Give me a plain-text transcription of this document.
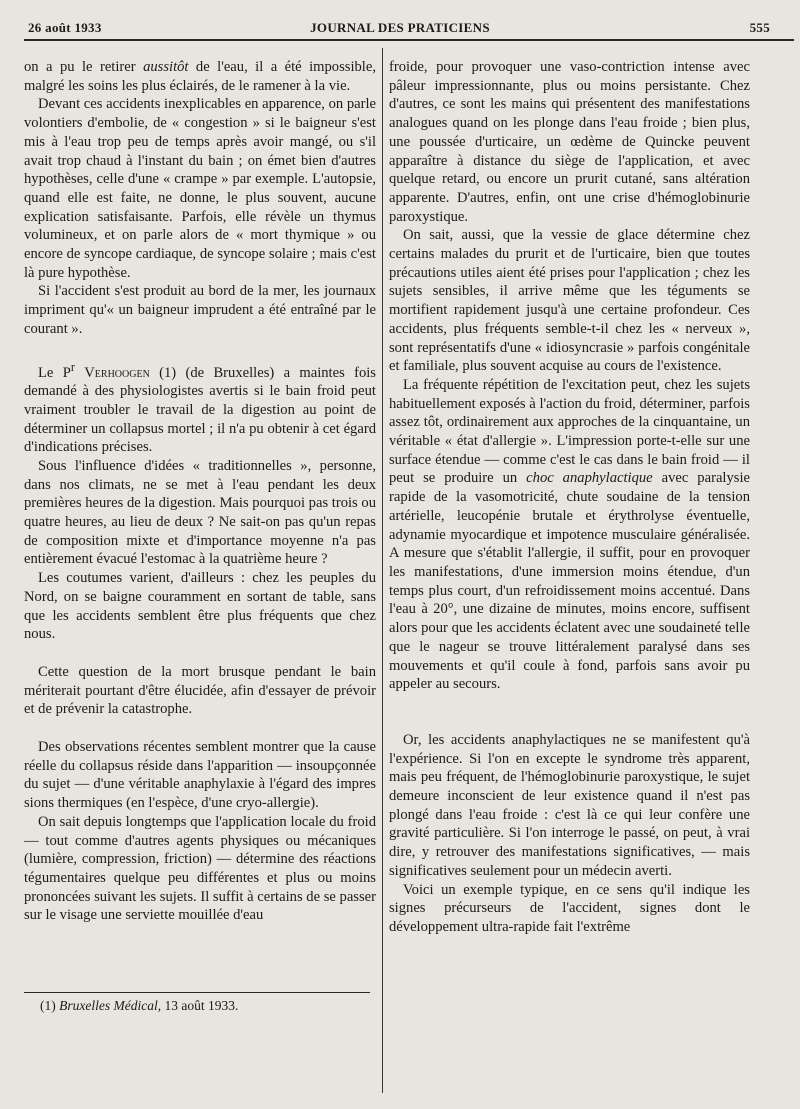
26 août 1933	JOURNAL DES PRATICIENS	555

on a pu le retirer aussitôt de l'eau, il a été impossible, malgré les soins les plus éclairés, de le ramener à la vie.

Devant ces accidents inexplicables en apparence, on parle volontiers d'embolie, de « congestion » si le baigneur s'est mis à l'eau trop peu de temps après avoir mangé, ou s'il avait trop chaud à l'instant du bain ; on émet bien d'autres hypothèses, celle d'une « crampe » par exemple. L'autopsie, quand elle est faite, ne donne, le plus souvent, aucune explication satisfaisante. Parfois, elle révèle un thymus volumineux, et on parle alors de « mort thymique » ou encore de syncope cardiaque, de syncope solaire ; mais c'est là pure hypothèse.

Si l'accident s'est produit au bord de la mer, les journaux impriment qu'« un baigneur imprudent a été entraîné par le courant ».

Le $P^r$ Verhoogen (1) (de Bruxelles) a maintes fois demandé à des physiologistes avertis si le bain froid peut vraiment troubler le travail de la digestion au point de déterminer un collapsus mortel ; il n'a pu obtenir à cet égard d'indications précises.

Sous l'influence d'idées « traditionnelles », personne, dans nos climats, ne se met à l'eau pendant les deux premières heures de la digestion. Mais pourquoi pas trois ou quatre heures, au lieu de deux ? Ne sait-on pas qu'un repas de composition mixte et d'importance moyenne n'a pas entièrement évacué l'estomac à la quatrième heure ?

Les coutumes varient, d'ailleurs : chez les peuples du Nord, on se baigne couramment en sortant de table, sans que les accidents semblent être plus fréquents que chez nous.

Cette question de la mort brusque pendant le bain mériterait pourtant d'être élucidée, afin d'essayer de prévoir et de prévenir la catastrophe.

Des observations récentes semblent montrer que la cause réelle du collapsus réside dans l'apparition — insoupçonnée du sujet — d'une véritable anaphylaxie à l'égard des impres sions thermiques (en l'espèce, d'une cryo-allergie).

On sait depuis longtemps que l'application locale du froid — tout comme d'autres agents physiques ou mécaniques (lumière, compression, friction) — détermine des réactions tégumentaires quelque peu différentes et plus ou moins prononcées suivant les sujets. Il suffit à certains de se passer sur le visage une serviette mouillée d'eau

froide, pour provoquer une vaso-contriction intense avec pâleur impressionnante, plus ou moins persistante. Chez d'autres, ce sont les mains qui présentent des manifestations analogues quand on les plonge dans l'eau froide ; bien plus, une poussée d'urticaire, un œdème de Quincke peuvent apparaître à distance du siège de l'application, et avec quelque retard, ou encore un prurit cutané, sans altération apparente. D'autres, enfin, ont une crise d'hémoglobinurie paroxystique.

On sait, aussi, que la vessie de glace détermine chez certains malades du prurit et de l'urticaire, bien que toutes précautions utiles aient été prises pour l'application ; chez les sujets sensibles, il arrive même que les téguments se mortifient rapidement jusqu'à une certaine profondeur. Ces accidents, plus fréquents semble-t-il chez les « nerveux », sont représentatifs d'une « idiosyncrasie » parfois congénitale et familiale, plus souvent acquise au cours de l'existence.

La fréquente répétition de l'excitation peut, chez les sujets habituellement exposés à l'action du froid, déterminer, parfois assez tôt, ordinairement aux approches de la cinquantaine, un véritable « état d'allergie ». L'impression porte-t-elle sur une surface étendue — comme c'est le cas dans le bain froid — il peut se produire un choc anaphylactique avec paralysie rapide de la vasomotricité, chute soudaine de la tension artérielle, leucopénie brutale et érythrolyse éventuelle, adynamie myocardique et impotence musculaire généralisée. A mesure que s'établit l'allergie, il suffit, pour en provoquer les manifestations, d'une immersion moins étendue, d'un temps plus court, d'un refroidissement moins accentué. Dans l'eau à 20°, une dizaine de minutes, moins encore, suffisent alors pour que les accidents éclatent avec une soudaineté telle que le nageur se trouve littéralement paralysé dans ses mouvements et qu'il coule à fond, parfois sans avoir pu appeler au secours.

Or, les accidents anaphylactiques ne se manifestent qu'à l'expérience. Si l'on en excepte le syndrome très apparent, mais peu fréquent, de l'hémoglobinurie paroxystique, le sujet demeure inconscient de leur existence quand il n'est pas plongé dans l'eau froide : c'est là ce qui leur confère une gravité particulière. Si l'on interroge le passé, on peut, à vrai dire, y retrouver des manifestations significatives, — mais significatives seulement pour un médecin averti.

Voici un exemple typique, en ce sens qu'il indique les signes précurseurs de l'accident, signes dont le développement ultra-rapide fait l'extrême

(1) Bruxelles Médical, 13 août 1933.
